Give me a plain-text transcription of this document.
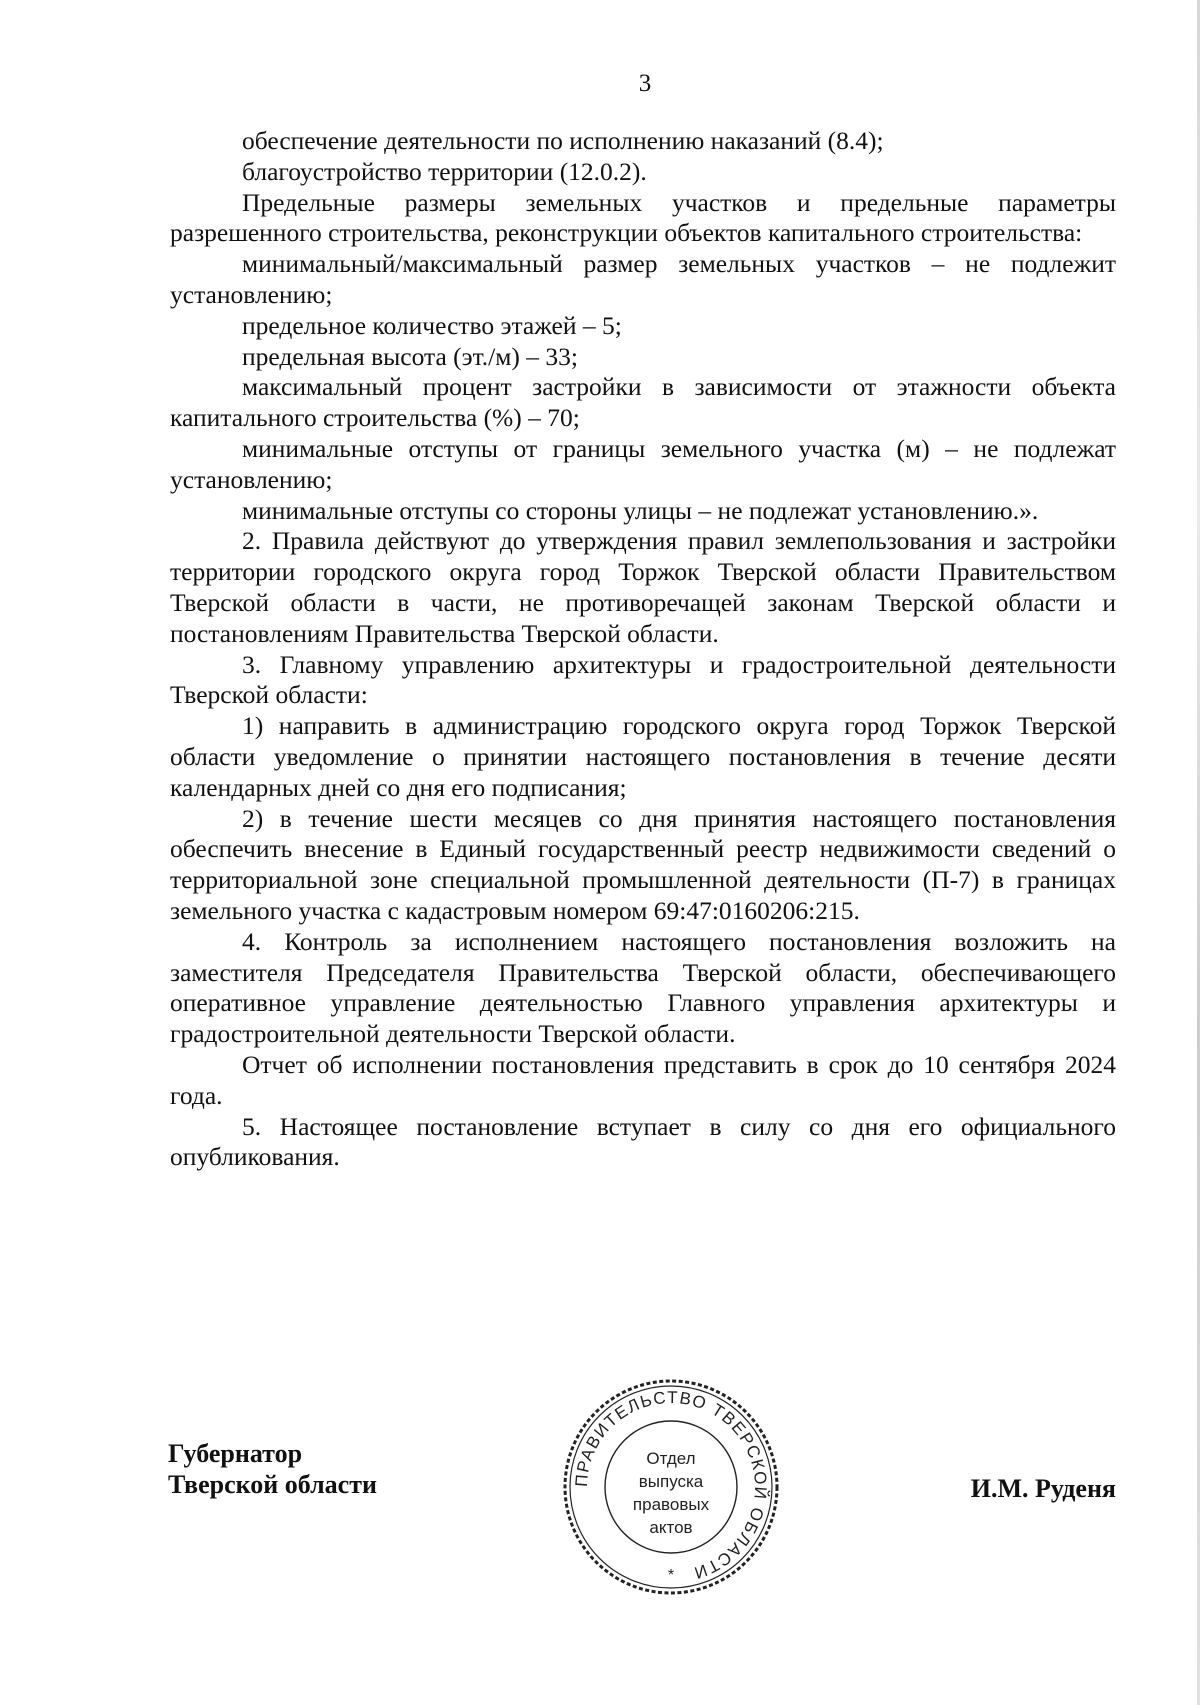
3

обеспечение деятельности по исполнению наказаний (8.4);

благоустройство территории (12.0.2).

Предельные размеры земельных участков и предельные параметры разрешенного строительства, реконструкции объектов капитального строительства:

минимальный/максимальный размер земельных участков – не подлежит установлению;

предельное количество этажей – 5;

предельная высота (эт./м) – 33;

максимальный процент застройки в зависимости от этажности объекта капитального строительства (%) – 70;

минимальные отступы от границы земельного участка (м) – не подлежат установлению;

минимальные отступы со стороны улицы – не подлежат установлению.».

2. Правила действуют до утверждения правил землепользования и застройки территории городского округа город Торжок Тверской области Правительством Тверской области в части, не противоречащей законам Тверской области и постановлениям Правительства Тверской области.

3. Главному управлению архитектуры и градостроительной деятельности Тверской области:

1) направить в администрацию городского округа город Торжок Тверской области уведомление о принятии настоящего постановления в течение десяти календарных дней со дня его подписания;

2) в течение шести месяцев со дня принятия настоящего постановления обеспечить внесение в Единый государственный реестр недвижимости сведений о территориальной зоне специальной промышленной деятельности (П-7) в границах земельного участка с кадастровым номером 69:47:0160206:215.

4. Контроль за исполнением настоящего постановления возложить на заместителя Председателя Правительства Тверской области, обеспечивающего оперативное управление деятельностью Главного управления архитектуры и градостроительной деятельности Тверской области.

Отчет об исполнении постановления представить в срок до 10 сентября 2024 года.

5. Настоящее постановление вступает в силу со дня его официального опубликования.

Губернатор
Тверской области	ПРАВИТЕЛЬСТВО ТВЕРСКОЙ ОБЛАСТИ
Отдел
выпуска
правовых
актов
*
И.М. Руденя
